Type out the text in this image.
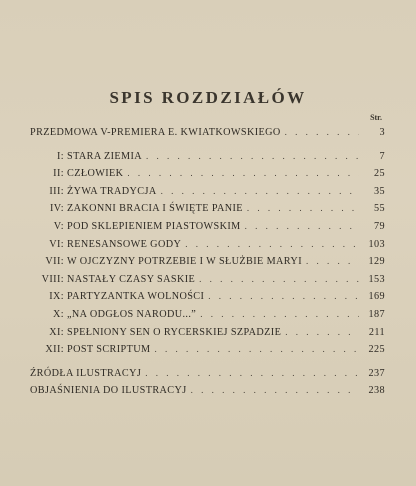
SPIS ROZDZIAŁÓW
Str.
PRZEDMOWA V-PREMIERA E. KWIATKOWSKIEGO . . .	3
I: STARA ZIEMIA . . .	7
II: CZŁOWIEK . . .	25
III: ŻYWA TRADYCJA . . .	35
IV: ZAKONNI BRACIA I ŚWIĘTE PANIE . . .	55
V: POD SKLEPIENIEM PIASTOWSKIM . . .	79
VI: RENESANSOWE GODY . . .	103
VII: W OJCZYZNY POTRZEBIE I W SŁUŻBIE MARYI . . .	129
VIII: NASTAŁY CZASY SASKIE . . .	153
IX: PARTYZANTKA WOLNOŚCI . . .	169
X: „NA ODGŁOS NARODU...” . . .	187
XI: SPEŁNIONY SEN O RYCERSKIEJ SZPADZIE . . .	211
XII: POST SCRIPTUM . . .	225
ŹRÓDŁA ILUSTRACYJ . . .	237
OBJAŚNIENIA DO ILUSTRACYJ . . .	238
